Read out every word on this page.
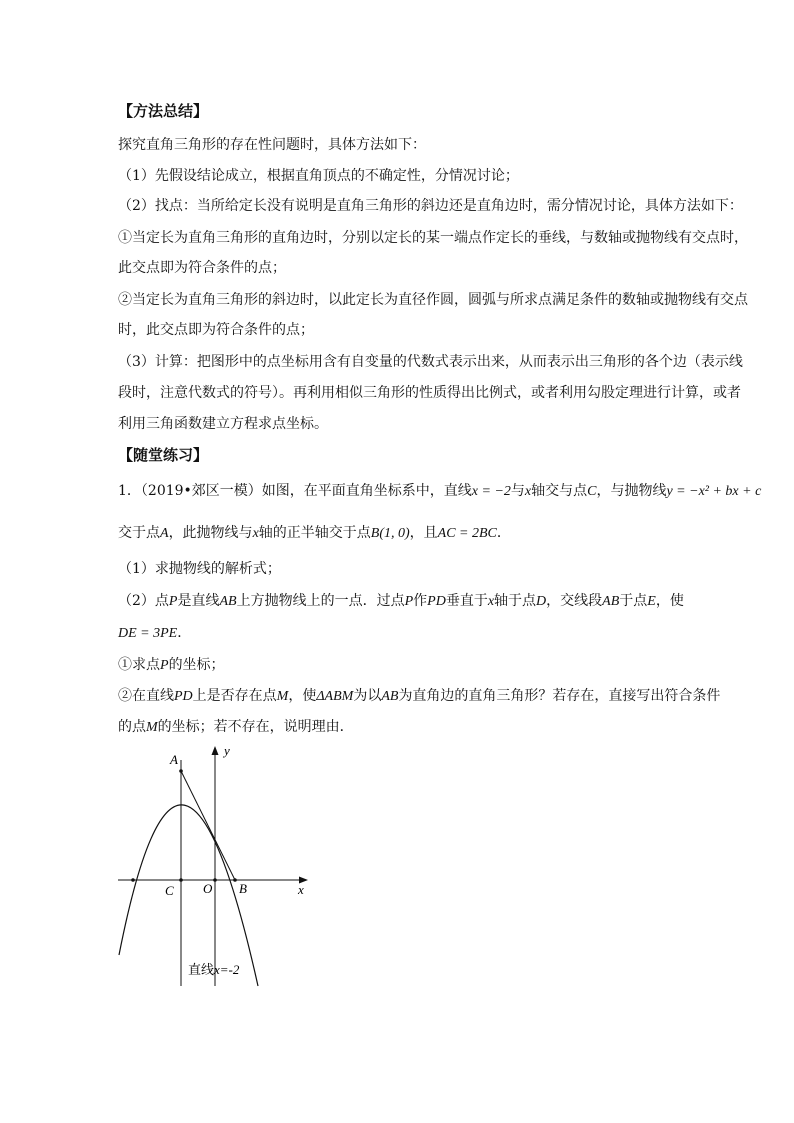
【方法总结】
探究直角三角形的存在性问题时，具体方法如下：
（1）先假设结论成立，根据直角顶点的不确定性，分情况讨论；
（2）找点：当所给定长没有说明是直角三角形的斜边还是直角边时，需分情况讨论，具体方法如下：
①当定长为直角三角形的直角边时，分别以定长的某一端点作定长的垂线，与数轴或抛物线有交点时，
此交点即为符合条件的点；
②当定长为直角三角形的斜边时，以此定长为直径作圆，圆弧与所求点满足条件的数轴或抛物线有交点
时，此交点即为符合条件的点；
（3）计算：把图形中的点坐标用含有自变量的代数式表示出来，从而表示出三角形的各个边（表示线
段时，注意代数式的符号）。再利用相似三角形的性质得出比例式，或者利用勾股定理进行计算，或者
利用三角函数建立方程求点坐标。
【随堂练习】
1．（2019•郊区一模）如图，在平面直角坐标系中，直线x = −2与x轴交与点C，与抛物线y = −x² + bx + c
交于点A，此抛物线与x轴的正半轴交于点B(1, 0)，且AC = 2BC．
（1）求抛物线的解析式；
（2）点P是直线AB上方抛物线上的一点．过点P作PD垂直于x轴于点D，交线段AB于点E，使
DE = 3PE．
①求点P的坐标；
②在直线PD上是否存在点M，使ΔABM为以AB为直角边的直角三角形？若存在，直接写出符合条件
的点M的坐标；若不存在，说明理由．
A
y
C O B	x
直线x=-2
